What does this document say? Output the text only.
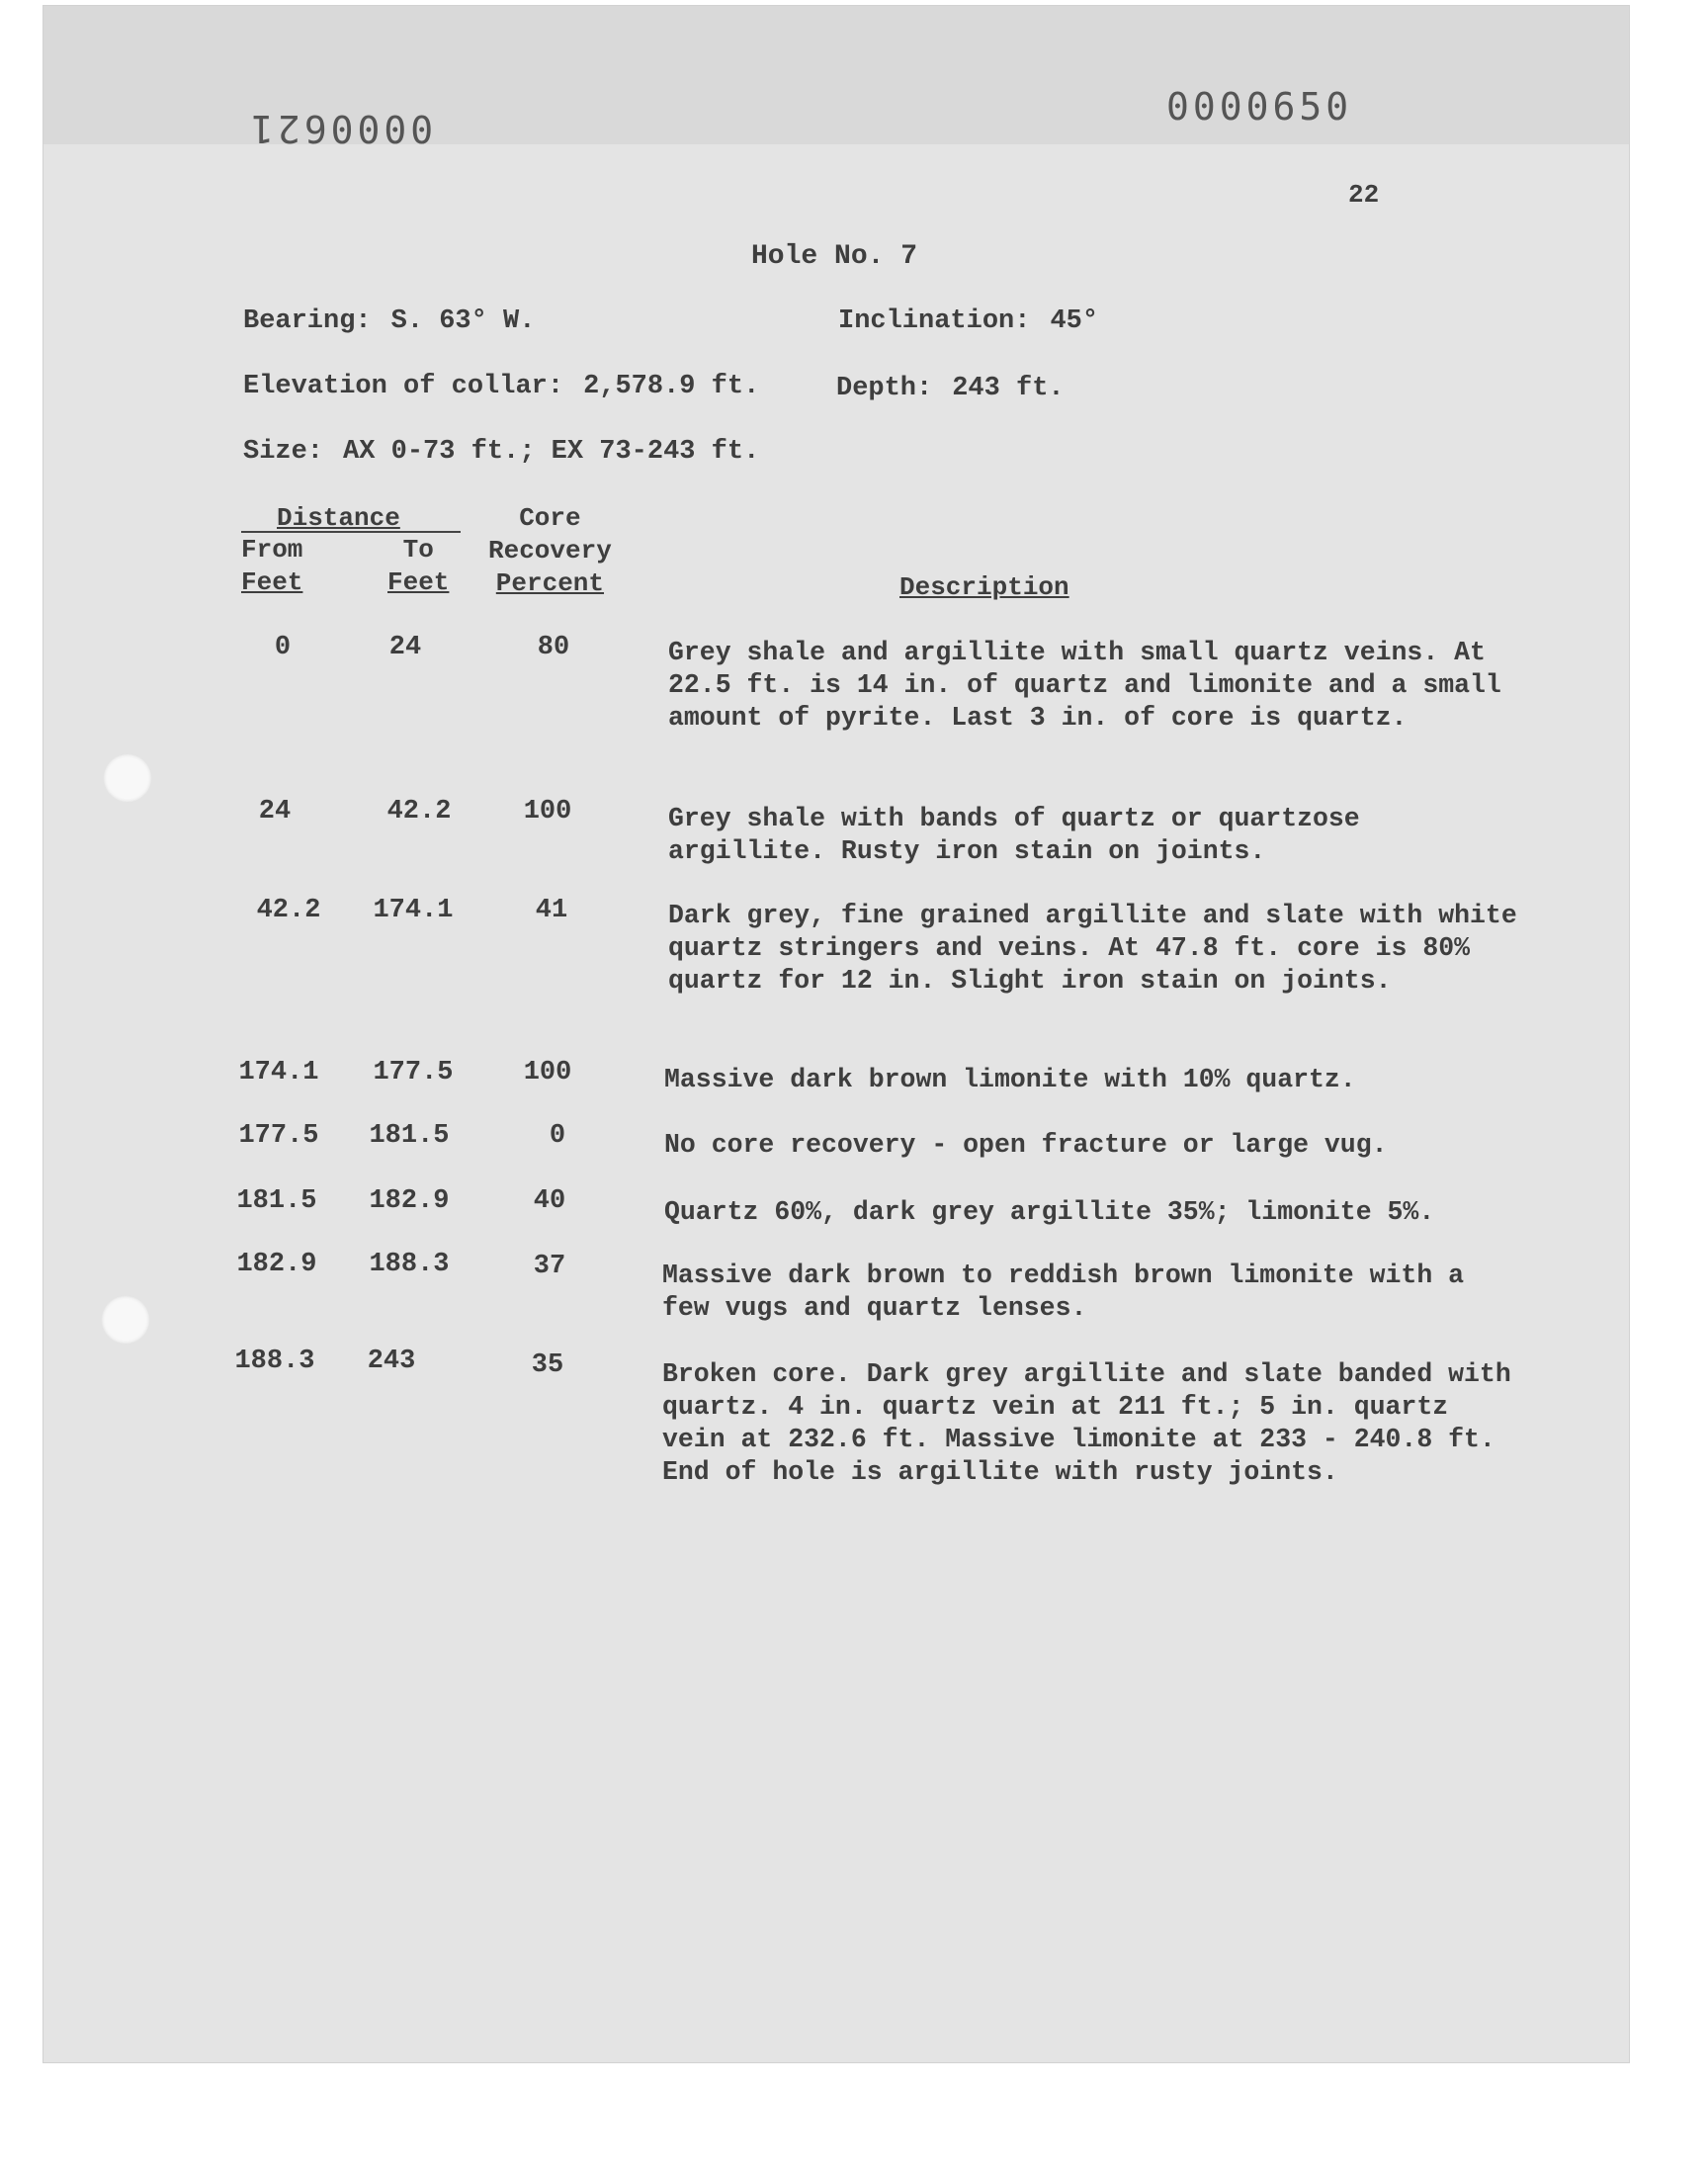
0000621	0000650
22
Hole No. 7
Bearing: S. 63° W.	Inclination: 45°
Elevation of collar: 2,578.9 ft.	Depth: 243 ft.
Size: AX 0-73 ft.; EX 73-243 ft.
Distance
From
Feet
To
Feet
Core
Recovery
Percent	Description
0	24	80	Grey shale and argillite with small quartz veins. At 22.5 ft. is 14 in. of quartz and limonite and a small amount of pyrite. Last 3 in. of core is quartz.
24	42.2	100	Grey shale with bands of quartz or quartzose argillite. Rusty iron stain on joints.
42.2	174.1	41	Dark grey, fine grained argillite and slate with white quartz stringers and veins. At 47.8 ft. core is 80% quartz for 12 in. Slight iron stain on joints.
174.1	177.5	100	Massive dark brown limonite with 10% quartz.
177.5	181.5	0	No core recovery - open fracture or large vug.
181.5	182.9	40	Quartz 60%, dark grey argillite 35%; limonite 5%.
182.9	188.3	37	Massive dark brown to reddish brown limonite with a few vugs and quartz lenses.
188.3	243	35	Broken core. Dark grey argillite and slate banded with quartz. 4 in. quartz vein at 211 ft.; 5 in. quartz vein at 232.6 ft. Massive limonite at 233 - 240.8 ft. End of hole is argillite with rusty joints.
